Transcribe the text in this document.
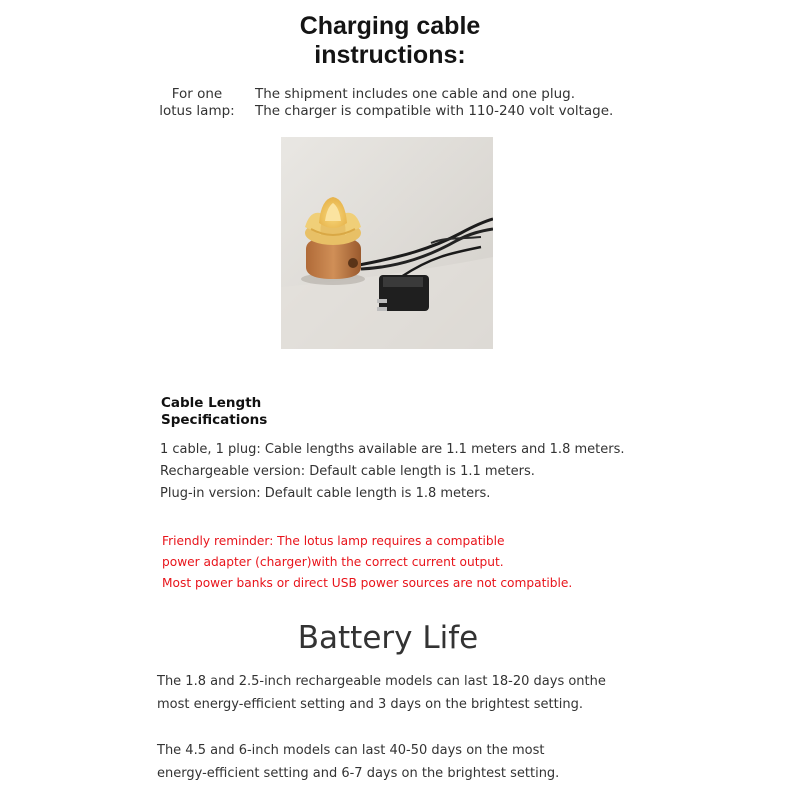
Charging cable
instructions:
For one
lotus lamp:
The shipment includes one cable and one plug.
The charger is compatible with 110-240 volt voltage.
Cable Length
Specifications
1 cable, 1 plug: Cable lengths available are 1.1 meters and 1.8 meters.
Rechargeable version: Default cable length is 1.1 meters.
Plug-in version: Default cable length is 1.8 meters.
Friendly reminder: The lotus lamp requires a compatible
power adapter (charger)with the correct current output.
Most power banks or direct USB power sources are not compatible.
Battery Life
The 1.8 and 2.5-inch rechargeable models can last 18-20 days onthe
most energy-efficient setting and 3 days on the brightest setting.
The 4.5 and 6-inch models can last 40-50 days on the most
energy-efficient setting and 6-7 days on the brightest setting.
